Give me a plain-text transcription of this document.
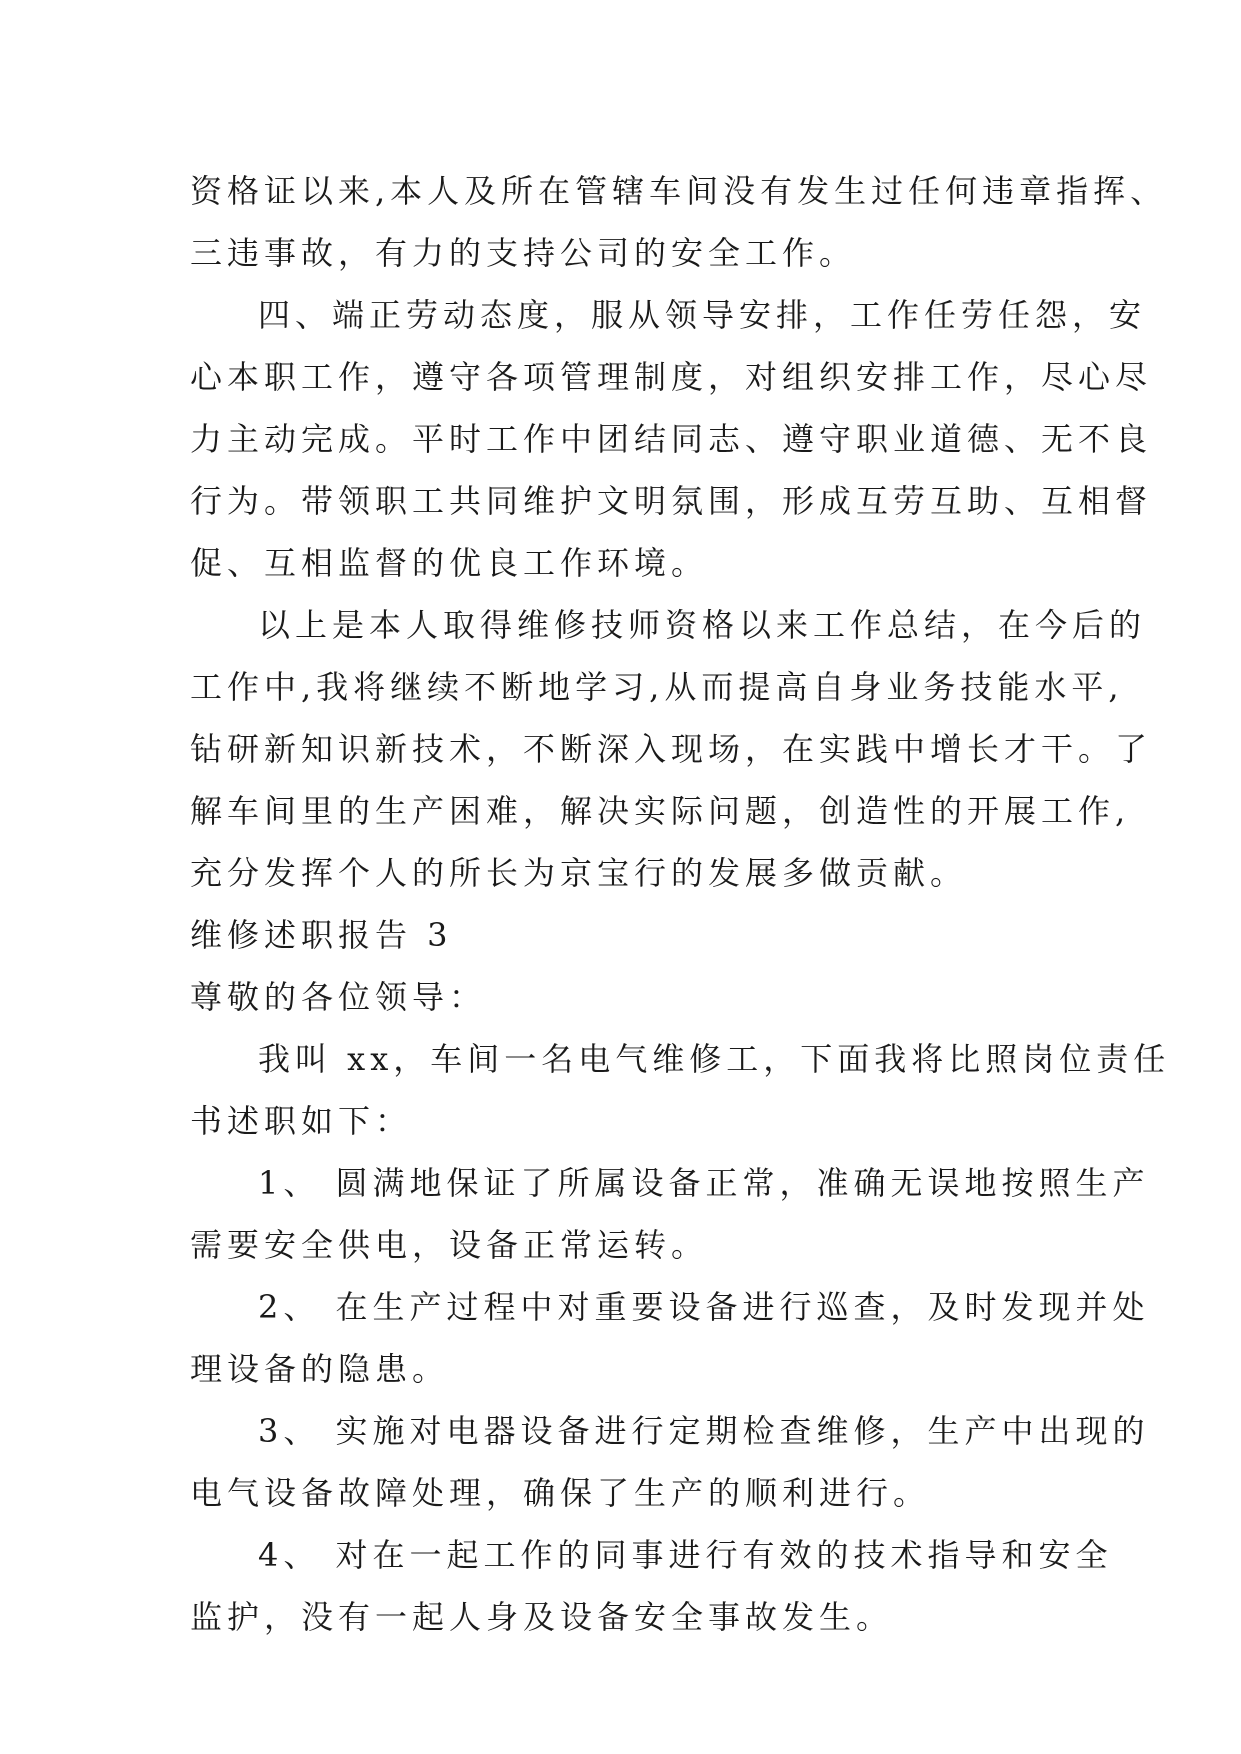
资格证以来,本人及所在管辖车间没有发生过任何违章指挥、
三违事故，有力的支持公司的安全工作。
四、端正劳动态度，服从领导安排，工作任劳任怨，安
心本职工作，遵守各项管理制度，对组织安排工作，尽心尽
力主动完成。平时工作中团结同志、遵守职业道德、无不良
行为。带领职工共同维护文明氛围，形成互劳互助、互相督
促、互相监督的优良工作环境。
以上是本人取得维修技师资格以来工作总结，在今后的
工作中,我将继续不断地学习,从而提高自身业务技能水平,
钻研新知识新技术，不断深入现场，在实践中增长才干。了
解车间里的生产困难，解决实际问题，创造性的开展工作,
充分发挥个人的所长为京宝行的发展多做贡献。
维修述职报告 3
尊敬的各位领导：
我叫 xx，车间一名电气维修工，下面我将比照岗位责任
书述职如下：
1、 圆满地保证了所属设备正常，准确无误地按照生产
需要安全供电，设备正常运转。
2、 在生产过程中对重要设备进行巡查，及时发现并处
理设备的隐患。
3、 实施对电器设备进行定期检查维修，生产中出现的
电气设备故障处理，确保了生产的顺利进行。
4、 对在一起工作的同事进行有效的技术指导和安全
监护，没有一起人身及设备安全事故发生。
